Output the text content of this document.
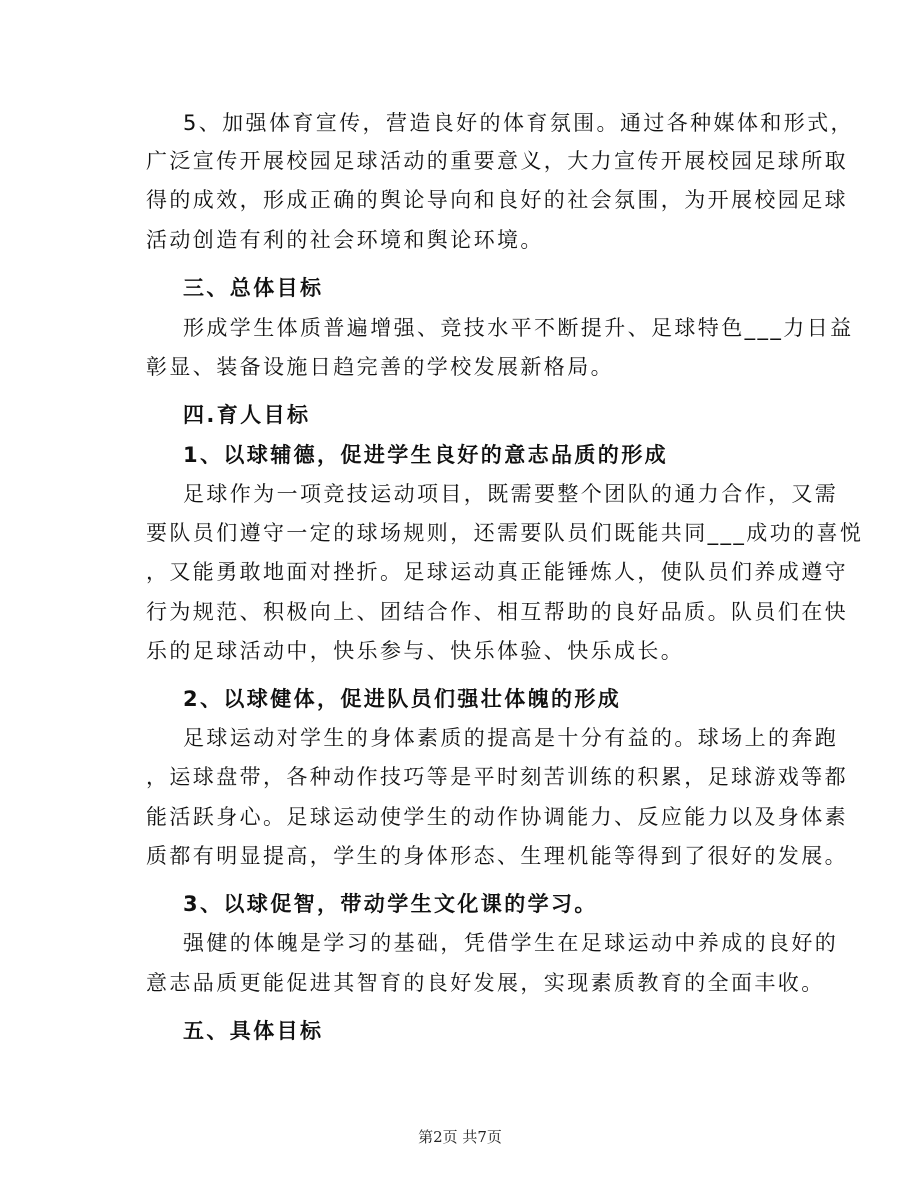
5、加强体育宣传，营造良好的体育氛围。通过各种媒体和形式，
广泛宣传开展校园足球活动的重要意义，大力宣传开展校园足球所取
得的成效，形成正确的舆论导向和良好的社会氛围，为开展校园足球
活动创造有利的社会环境和舆论环境。
三、总体目标
形成学生体质普遍增强、竞技水平不断提升、足球特色___力日益
彰显、装备设施日趋完善的学校发展新格局。
四.育人目标
1、以球辅德，促进学生良好的意志品质的形成
足球作为一项竞技运动项目，既需要整个团队的通力合作，又需
要队员们遵守一定的球场规则，还需要队员们既能共同___成功的喜悦
，又能勇敢地面对挫折。足球运动真正能锤炼人，使队员们养成遵守
行为规范、积极向上、团结合作、相互帮助的良好品质。队员们在快
乐的足球活动中，快乐参与、快乐体验、快乐成长。
2、以球健体，促进队员们强壮体魄的形成
足球运动对学生的身体素质的提高是十分有益的。球场上的奔跑
，运球盘带，各种动作技巧等是平时刻苦训练的积累，足球游戏等都
能活跃身心。足球运动使学生的动作协调能力、反应能力以及身体素
质都有明显提高，学生的身体形态、生理机能等得到了很好的发展。
3、以球促智，带动学生文化课的学习。
强健的体魄是学习的基础，凭借学生在足球运动中养成的良好的
意志品质更能促进其智育的良好发展，实现素质教育的全面丰收。
五、具体目标
第2页 共7页
